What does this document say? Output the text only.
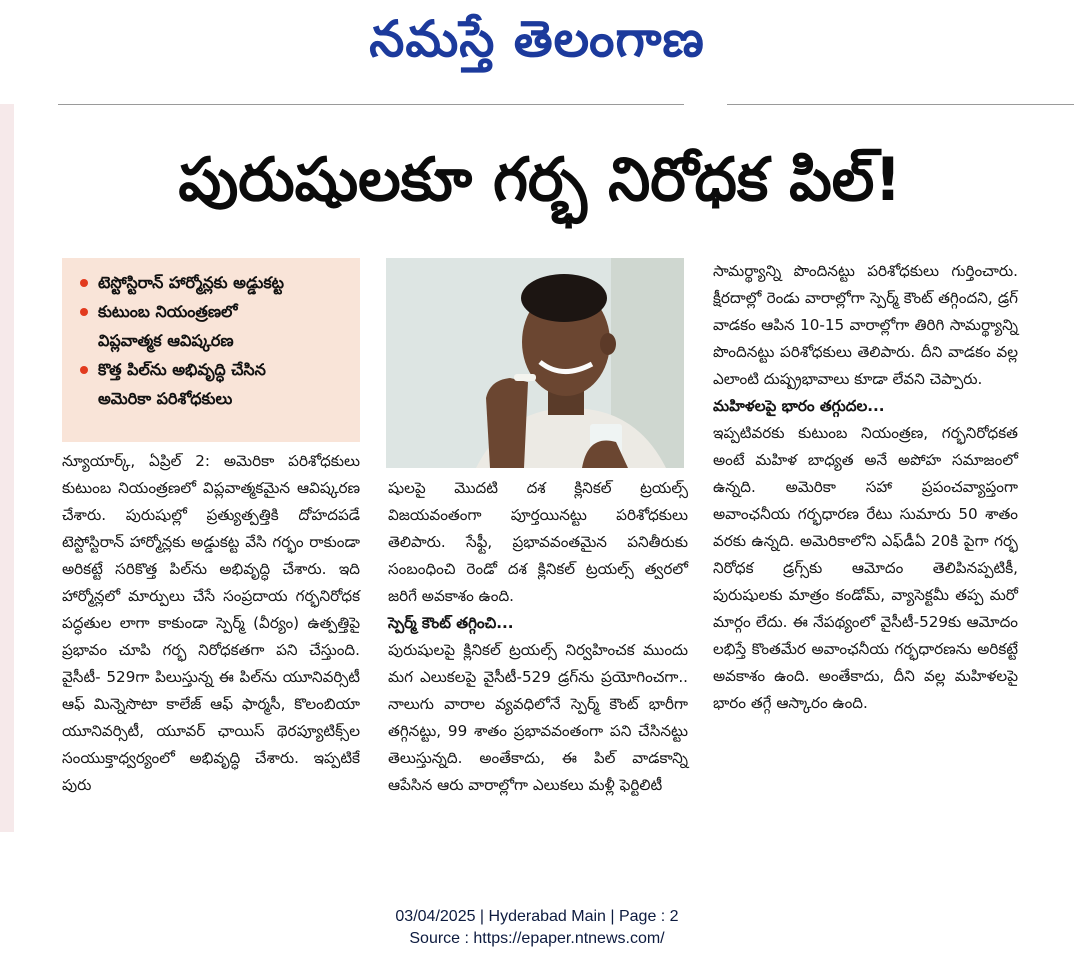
నమస్తే తెలంగాణ
పురుషులకూ గర్భ నిరోధక పిల్!
టెస్టోస్టిరాన్ హార్మోన్లకు అడ్డుకట్ట
కుటుంబ నియంత్రణలో
విప్లవాత్మక ఆవిష్కరణ
కొత్త పిల్‌ను అభివృద్ధి చేసిన
అమెరికా పరిశోధకులు

న్యూయార్క్, ఏప్రిల్ 2: అమెరికా పరిశోధకులు కుటుంబ నియంత్రణలో విప్లవాత్మకమైన ఆవిష్కరణ చేశారు. పురుషుల్లో ప్రత్యుత్పత్తికి దోహదపడే టెస్టోస్టిరాన్ హార్మోన్లకు అడ్డుకట్ట వేసి గర్భం రాకుండా అరికట్టే సరికొత్త పిల్‌ను అభివృద్ధి చేశారు. ఇది హార్మోన్లలో మార్పులు చేసే సంప్రదాయ గర్భనిరోధక పద్ధతుల లాగా కాకుండా స్పెర్మ్ (వీర్యం) ఉత్పత్తిపై ప్రభావం చూపి గర్భ నిరోధకతగా పని చేస్తుంది. వైసీటీ- 529గా పిలుస్తున్న ఈ పిల్‌ను యూనివర్సిటీ ఆఫ్ మిన్నెసొటా కాలేజ్ ఆఫ్ ఫార్మసీ, కొలంబియా యూనివర్సిటీ, యూవర్ ఛాయిస్ థెరప్యూటిక్స్‌ల సంయుక్తాధ్వర్యంలో అభివృద్ధి చేశారు. ఇప్పటికే పురు

షులపై మొదటి దశ క్లినికల్ ట్రయల్స్ విజయవంతంగా పూర్తయినట్టు పరిశోధకులు తెలిపారు. సేఫ్టీ, ప్రభావవంతమైన పనితీరుకు సంబంధించి రెండో దశ క్లినికల్ ట్రయల్స్ త్వరలో జరిగే అవకాశం ఉంది.

స్పెర్మ్ కౌంట్ తగ్గించి...

పురుషులపై క్లినికల్ ట్రయల్స్ నిర్వహించక ముందు మగ ఎలుకలపై వైసీటీ-529 డ్రగ్‌ను ప్రయోగించగా.. నాలుగు వారాల వ్యవధిలోనే స్పెర్మ్ కౌంట్ భారీగా తగ్గినట్టు, 99 శాతం ప్రభావవంతంగా పని చేసినట్టు తెలుస్తున్నది. అంతేకాదు, ఈ పిల్ వాడకాన్ని ఆపేసిన ఆరు వారాల్లోగా ఎలుకలు మళ్లీ ఫెర్టిలిటీ

సామర్థ్యాన్ని పొందినట్టు పరిశోధకులు గుర్తించారు. క్షీరదాల్లో రెండు వారాల్లోగా స్పెర్మ్ కౌంట్ తగ్గిందని, డ్రగ్ వాడకం ఆపిన 10-15 వారాల్లోగా తిరిగి సామర్థ్యాన్ని పొందినట్టు పరిశోధకులు తెలిపారు. దీని వాడకం వల్ల ఎలాంటి దుష్ప్రభావాలు కూడా లేవని చెప్పారు.

మహిళలపై భారం తగ్గుదల...

ఇప్పటివరకు కుటుంబ నియంత్రణ, గర్భనిరోధకత అంటే మహిళ బాధ్యత అనే అపోహ సమాజంలో ఉన్నది. అమెరికా సహా ప్రపంచవ్యాప్తంగా అవాంఛనీయ గర్భధారణ రేటు సుమారు 50 శాతం వరకు ఉన్నది. అమెరికాలోని ఎఫ్‌డీఏ 20కి పైగా గర్భ నిరోధక డ్రగ్స్‌కు ఆమోదం తెలిపినప్పటికీ, పురుషులకు మాత్రం కండోమ్, వ్యాసెక్టమీ తప్ప మరో మార్గం లేదు. ఈ నేపథ్యంలో వైసీటీ-529కు ఆమోదం లభిస్తే కొంతమేర అవాంఛనీయ గర్భధారణను అరికట్టే అవకాశం ఉంది. అంతేకాదు, దీని వల్ల మహిళలపై భారం తగ్గే ఆస్కారం ఉంది.

03/04/2025 | Hyderabad Main | Page : 2
Source : https://epaper.ntnews.com/
